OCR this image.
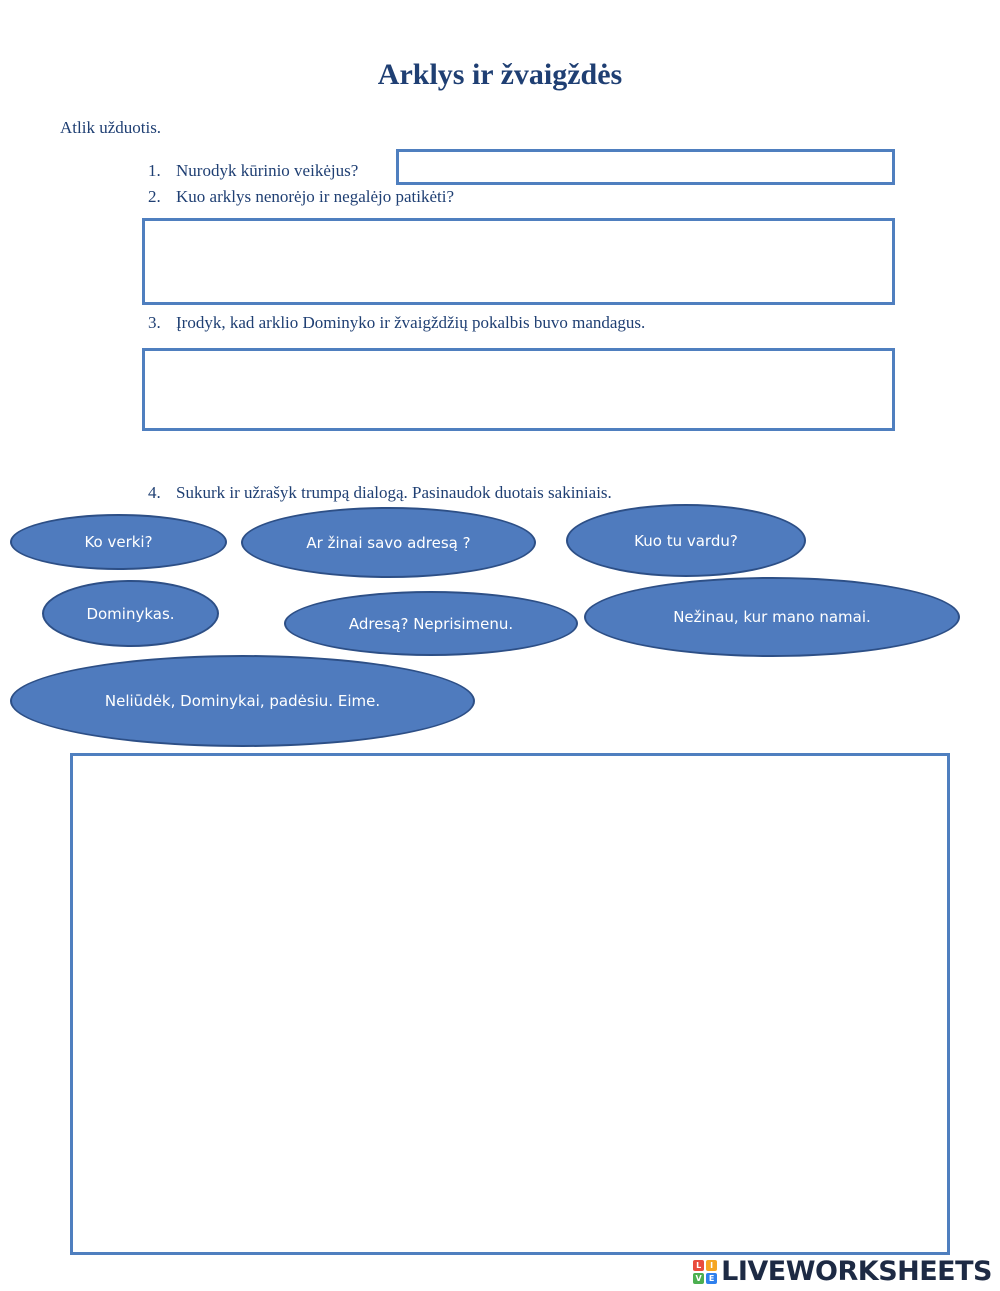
Arklys ir žvaigždės
Atlik užduotis.
1. Nurodyk kūrinio veikėjus?
2. Kuo arklys nenorėjo ir negalėjo patikėti?
3. Įrodyk, kad arklio Dominyko ir žvaigždžių pokalbis buvo mandagus.
4. Sukurk ir užrašyk trumpą dialogą. Pasinaudok duotais sakiniais.
Ko verki?	Ar žinai savo adresą ?	Kuo tu vardu?
Dominykas.
Adresą? Neprisimenu.	Nežinau, kur mano namai.
Neliūdėk, Dominykai, padėsiu. Eime.
L	I
V E LIVEWORKSHEETS
